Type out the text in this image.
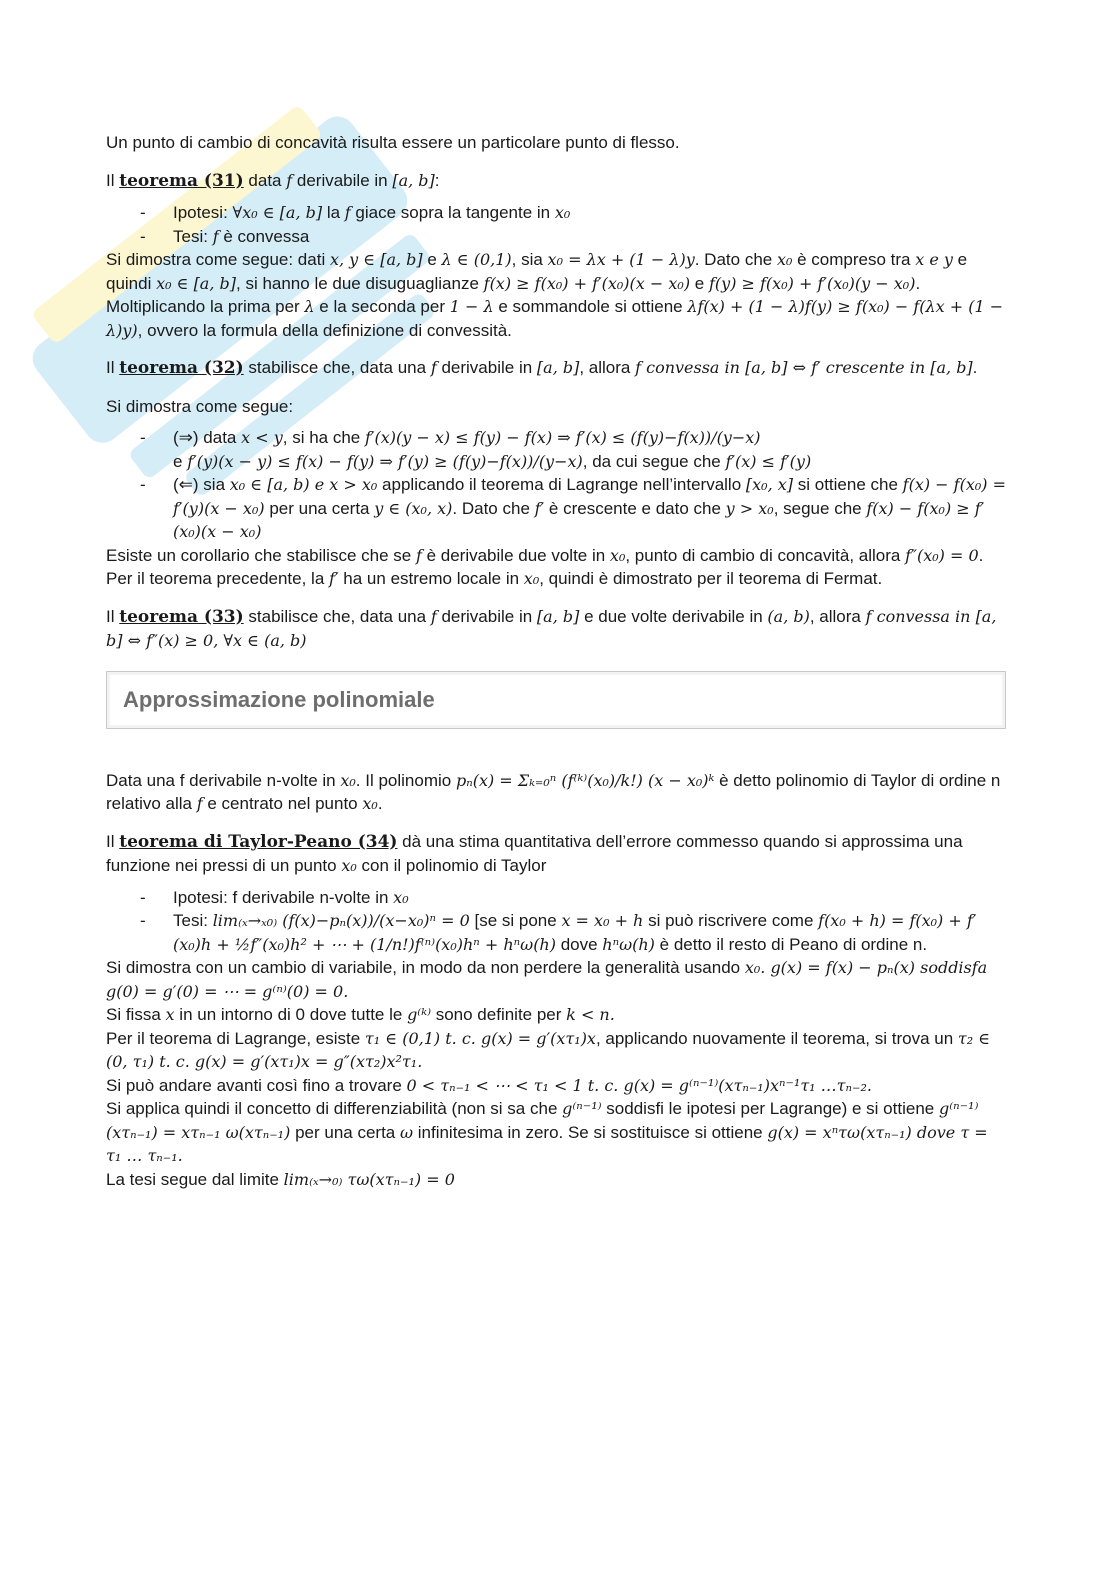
Un punto di cambio di concavità risulta essere un particolare punto di flesso.

Il teorema (31) data f derivabile in [a, b]:

- Ipotesi: ∀x₀ ∈ [a, b] la f giace sopra la tangente in x₀
- Tesi: f è convessa

Si dimostra come segue: dati x, y ∈ [a, b] e λ ∈ (0,1), sia x₀ = λx + (1 − λ)y. Dato che x₀ è compreso tra x e y e quindi x₀ ∈ [a, b], si hanno le due disuguaglianze f(x) ≥ f(x₀) + f′(x₀)(x − x₀) e f(y) ≥ f(x₀) + f′(x₀)(y − x₀). Moltiplicando la prima per λ e la seconda per 1 − λ e sommandole si ottiene λf(x) + (1 − λ)f(y) ≥ f(x₀) − f(λx + (1 − λ)y), ovvero la formula della definizione di convessità.

Il teorema (32) stabilisce che, data una f derivabile in [a, b], allora f convessa in [a, b] ⇔ f′ crescente in [a, b].

Si dimostra come segue:

- (⇒) data x < y, si ha che f′(x)(y − x) ≤ f(y) − f(x) ⇒ f′(x) ≤ (f(y)−f(x))/(y−x)
e f′(y)(x − y) ≤ f(x) − f(y) ⇒ f′(y) ≥ (f(y)−f(x))/(y−x), da cui segue che f′(x) ≤ f′(y)
- (⇐) sia x₀ ∈ [a, b) e x > x₀ applicando il teorema di Lagrange nell’intervallo [x₀, x] si ottiene che f(x) − f(x₀) = f′(y)(x − x₀) per una certa y ∈ (x₀, x). Dato che f′ è crescente e dato che y > x₀, segue che f(x) − f(x₀) ≥ f′(x₀)(x − x₀)

Esiste un corollario che stabilisce che se f è derivabile due volte in x₀, punto di cambio di concavità, allora f″(x₀) = 0. Per il teorema precedente, la f′ ha un estremo locale in x₀, quindi è dimostrato per il teorema di Fermat.

Il teorema (33) stabilisce che, data una f derivabile in [a, b] e due volte derivabile in (a, b), allora f convessa in [a, b] ⇔ f″(x) ≥ 0, ∀x ∈ (a, b)

Approssimazione polinomiale

Data una f derivabile n-volte in x₀. Il polinomio pₙ(x) = Σₖ₌₀ⁿ (f⁽ᵏ⁾(x₀)/k!) (x − x₀)ᵏ è detto polinomio di Taylor di ordine n relativo alla f e centrato nel punto x₀.

Il teorema di Taylor-Peano (34) dà una stima quantitativa dell’errore commesso quando si approssima una funzione nei pressi di un punto x₀ con il polinomio di Taylor

- Ipotesi: f derivabile n-volte in x₀
- Tesi: lim₍ₓ→ₓ₀₎ (f(x)−pₙ(x))/(x−x₀)ⁿ = 0 [se si pone x = x₀ + h si può riscrivere come f(x₀ + h) = f(x₀) + f′(x₀)h + ½f″(x₀)h² + ⋯ + (1/n!)f⁽ⁿ⁾(x₀)hⁿ + hⁿω(h) dove hⁿω(h) è detto il resto di Peano di ordine n.

Si dimostra con un cambio di variabile, in modo da non perdere la generalità usando x₀. g(x) = f(x) − pₙ(x) soddisfa g(0) = g′(0) = ⋯ = g⁽ⁿ⁾(0) = 0.

Si fissa x in un intorno di 0 dove tutte le g⁽ᵏ⁾ sono definite per k < n.

Per il teorema di Lagrange, esiste τ₁ ∈ (0,1) t. c. g(x) = g′(xτ₁)x, applicando nuovamente il teorema, si trova un τ₂ ∈ (0, τ₁) t. c. g(x) = g′(xτ₁)x = g″(xτ₂)x²τ₁.

Si può andare avanti così fino a trovare 0 < τₙ₋₁ < ⋯ < τ₁ < 1 t. c. g(x) = g⁽ⁿ⁻¹⁾(xτₙ₋₁)xⁿ⁻¹τ₁ …τₙ₋₂.

Si applica quindi il concetto di differenziabilità (non si sa che g⁽ⁿ⁻¹⁾ soddisfi le ipotesi per Lagrange) e si ottiene g⁽ⁿ⁻¹⁾(xτₙ₋₁) = xτₙ₋₁ ω(xτₙ₋₁) per una certa ω infinitesima in zero. Se si sostituisce si ottiene g(x) = xⁿτω(xτₙ₋₁) dove τ = τ₁ … τₙ₋₁.

La tesi segue dal limite lim₍ₓ→₀₎ τω(xτₙ₋₁) = 0
